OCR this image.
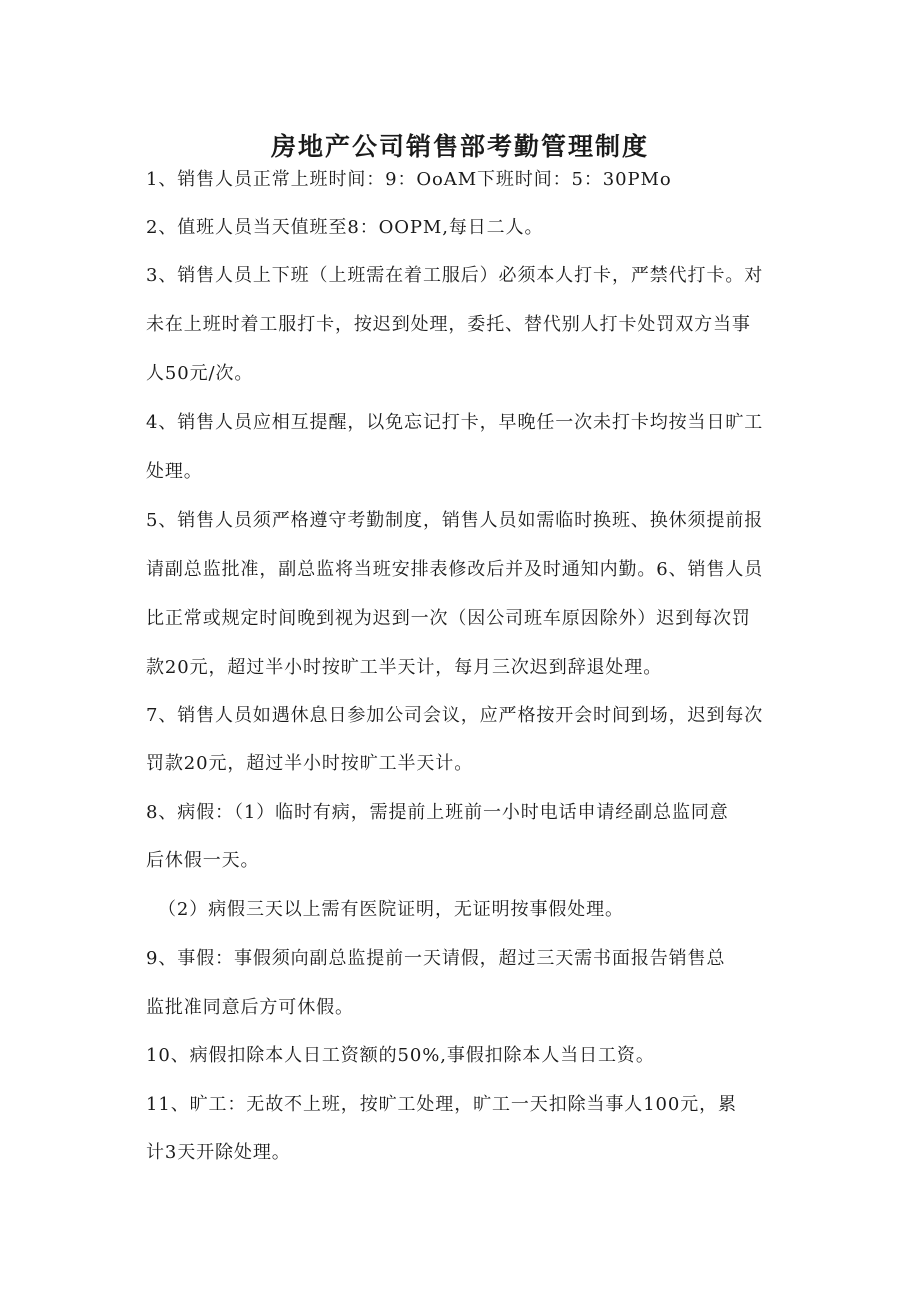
房地产公司销售部考勤管理制度
1、销售人员正常上班时间：9：OoAM下班时间：5：30PMo
2、值班人员当天值班至8：OOPM,每日二人。
3、销售人员上下班（上班需在着工服后）必须本人打卡，严禁代打卡。对
未在上班时着工服打卡，按迟到处理，委托、替代别人打卡处罚双方当事
人50元/次。
4、销售人员应相互提醒，以免忘记打卡，早晚任一次未打卡均按当日旷工
处理。
5、销售人员须严格遵守考勤制度，销售人员如需临时换班、换休须提前报
请副总监批准，副总监将当班安排表修改后并及时通知内勤。6、销售人员
比正常或规定时间晚到视为迟到一次（因公司班车原因除外）迟到每次罚
款20元，超过半小时按旷工半天计，每月三次迟到辞退处理。
7、销售人员如遇休息日参加公司会议，应严格按开会时间到场，迟到每次
罚款20元，超过半小时按旷工半天计。
8、病假：（1）临时有病，需提前上班前一小时电话申请经副总监同意
后休假一天。
（2）病假三天以上需有医院证明，无证明按事假处理。
9、事假：事假须向副总监提前一天请假，超过三天需书面报告销售总
监批准同意后方可休假。
10、病假扣除本人日工资额的50%,事假扣除本人当日工资。
11、旷工：无故不上班，按旷工处理，旷工一天扣除当事人100元，累
计3天开除处理。
